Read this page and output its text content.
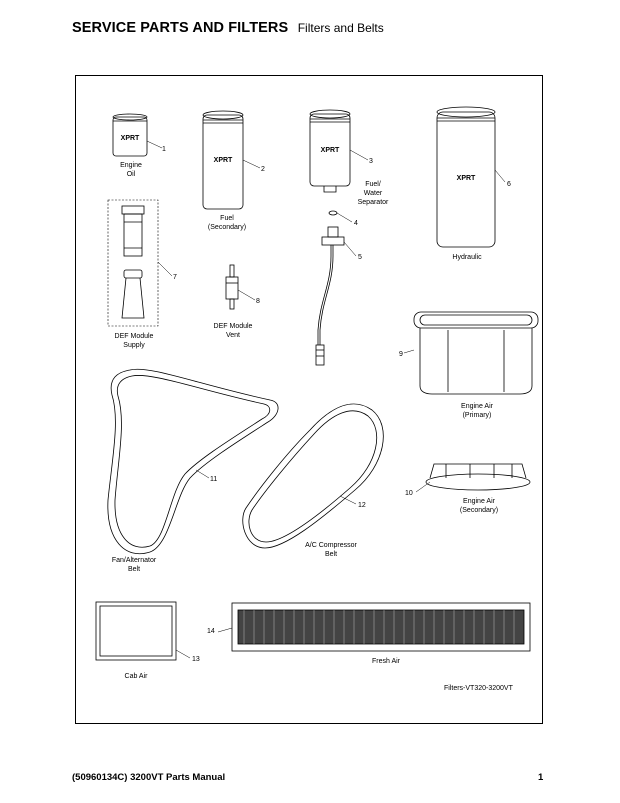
SERVICE PARTS AND FILTERS Filters and Belts
XPRT
XPRT
XPRT
XPRT
1
2
3
4
5
6
7
8
9
10
11
12
13
14
Engine
Oil
Fuel
(Secondary)
Fuel/
Water
Separator
Hydraulic
DEF Module
Supply
DEF Module
Vent
Engine Air
(Primary)
Engine Air
(Secondary)
Fan/Alternator
Belt
A/C Compressor
Belt
Cab Air
Fresh Air
Filters-VT320-3200VT
(50960134C) 3200VT Parts Manual	1
